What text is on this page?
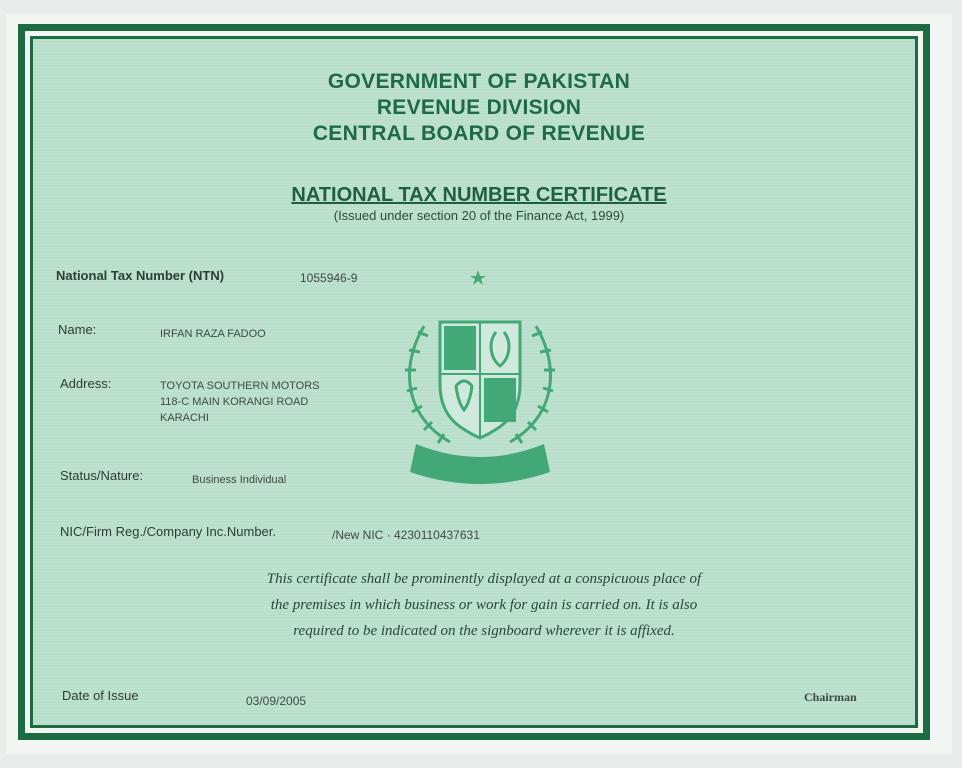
GOVERNMENT OF PAKISTAN
REVENUE DIVISION
CENTRAL BOARD OF REVENUE
NATIONAL TAX NUMBER CERTIFICATE
(Issued under section 20 of the Finance Act, 1999)
National Tax Number (NTN)	1055946-9
Name:	IRFAN RAZA FADOO
Address:	TOYOTA SOUTHERN MOTORS
118-C MAIN KORANGI ROAD
KARACHI
Status/Nature:	Business Individual
NIC/Firm Reg./Company Inc.Number.	/New NIC · 4230110437631
This certificate shall be prominently displayed at a conspicuous place of
the premises in which business or work for gain is carried on. It is also
required to be indicated on the signboard wherever it is affixed.
Date of Issue	03/09/2005	Chairman
